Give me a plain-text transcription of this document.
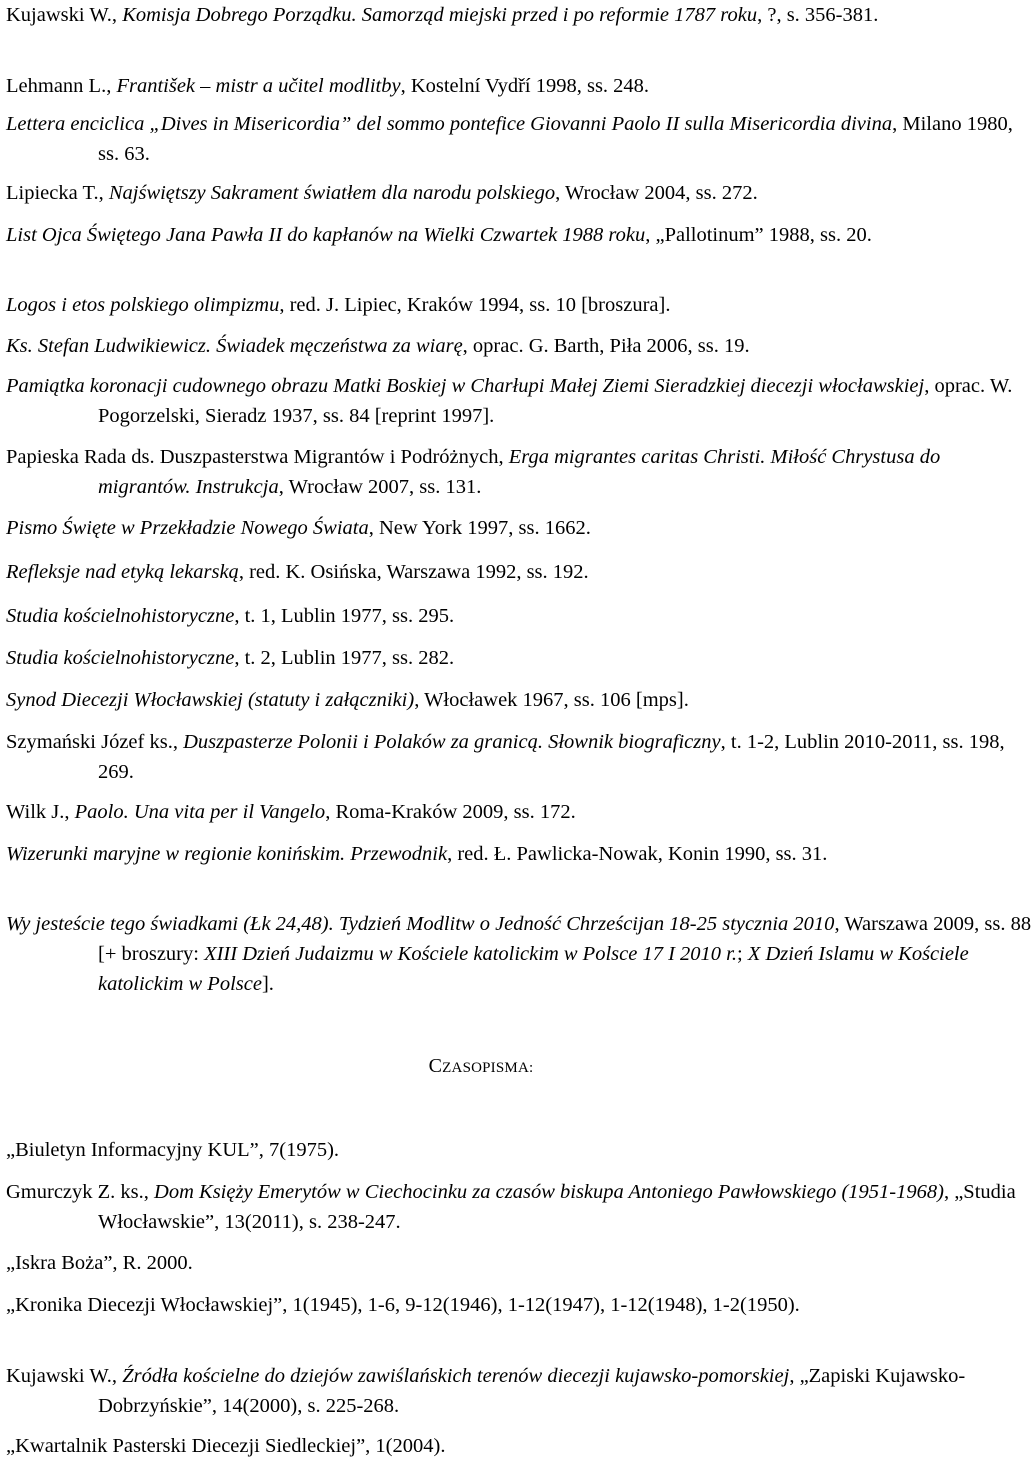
Kujawski W., Komisja Dobrego Porządku. Samorząd miejski przed i po reformie 1787 roku, ?, s. 356-381.
Lehmann L., František – mistr a učitel modlitby, Kostelní Vydří 1998, ss. 248.
Lettera enciclica „Dives in Misericordia” del sommo pontefice Giovanni Paolo II sulla Misericordia divina, Milano 1980, ss. 63.
Lipiecka T., Najświętszy Sakrament światłem dla narodu polskiego, Wrocław 2004, ss. 272.
List Ojca Świętego Jana Pawła II do kapłanów na Wielki Czwartek 1988 roku, „Pallotinum” 1988, ss. 20.
Logos i etos polskiego olimpizmu, red. J. Lipiec, Kraków 1994, ss. 10 [broszura].
Ks. Stefan Ludwikiewicz. Świadek męczeństwa za wiarę, oprac. G. Barth, Piła 2006, ss. 19.
Pamiątka koronacji cudownego obrazu Matki Boskiej w Charłupi Małej Ziemi Sieradzkiej diecezji włocławskiej, oprac. W. Pogorzelski, Sieradz 1937, ss. 84 [reprint 1997].
Papieska Rada ds. Duszpasterstwa Migrantów i Podróżnych, Erga migrantes caritas Christi. Miłość Chrystusa do migrantów. Instrukcja, Wrocław 2007, ss. 131.
Pismo Święte w Przekładzie Nowego Świata, New York 1997, ss. 1662.
Refleksje nad etyką lekarską, red. K. Osińska, Warszawa 1992, ss. 192.
Studia kościelnohistoryczne, t. 1, Lublin 1977, ss. 295.
Studia kościelnohistoryczne, t. 2, Lublin 1977, ss. 282.
Synod Diecezji Włocławskiej (statuty i załączniki), Włocławek 1967, ss. 106 [mps].
Szymański Józef ks., Duszpasterze Polonii i Polaków za granicą. Słownik biograficzny, t. 1-2, Lublin 2010-2011, ss. 198, 269.
Wilk J., Paolo. Una vita per il Vangelo, Roma-Kraków 2009, ss. 172.
Wizerunki maryjne w regionie konińskim. Przewodnik, red. Ł. Pawlicka-Nowak, Konin 1990, ss. 31.
Wy jesteście tego świadkami (Łk 24,48). Tydzień Modlitw o Jedność Chrześcijan 18-25 stycznia 2010, Warszawa 2009, ss. 88 [+ broszury: XIII Dzień Judaizmu w Kościele katolickim w Polsce 17 I 2010 r.; X Dzień Islamu w Kościele katolickim w Polsce].
CZASOPISMA:
„Biuletyn Informacyjny KUL”, 7(1975).
Gmurczyk Z. ks., Dom Księży Emerytów w Ciechocinku za czasów biskupa Antoniego Pawłowskiego (1951-1968), „Studia Włocławskie”, 13(2011), s. 238-247.
„Iskra Boża”, R. 2000.
„Kronika Diecezji Włocławskiej”, 1(1945), 1-6, 9-12(1946), 1-12(1947), 1-12(1948), 1-2(1950).
Kujawski W., Źródła kościelne do dziejów zawiślańskich terenów diecezji kujawsko-pomorskiej, „Zapiski Kujawsko-Dobrzyńskie”, 14(2000), s. 225-268.
„Kwartalnik Pasterski Diecezji Siedleckiej”, 1(2004).
